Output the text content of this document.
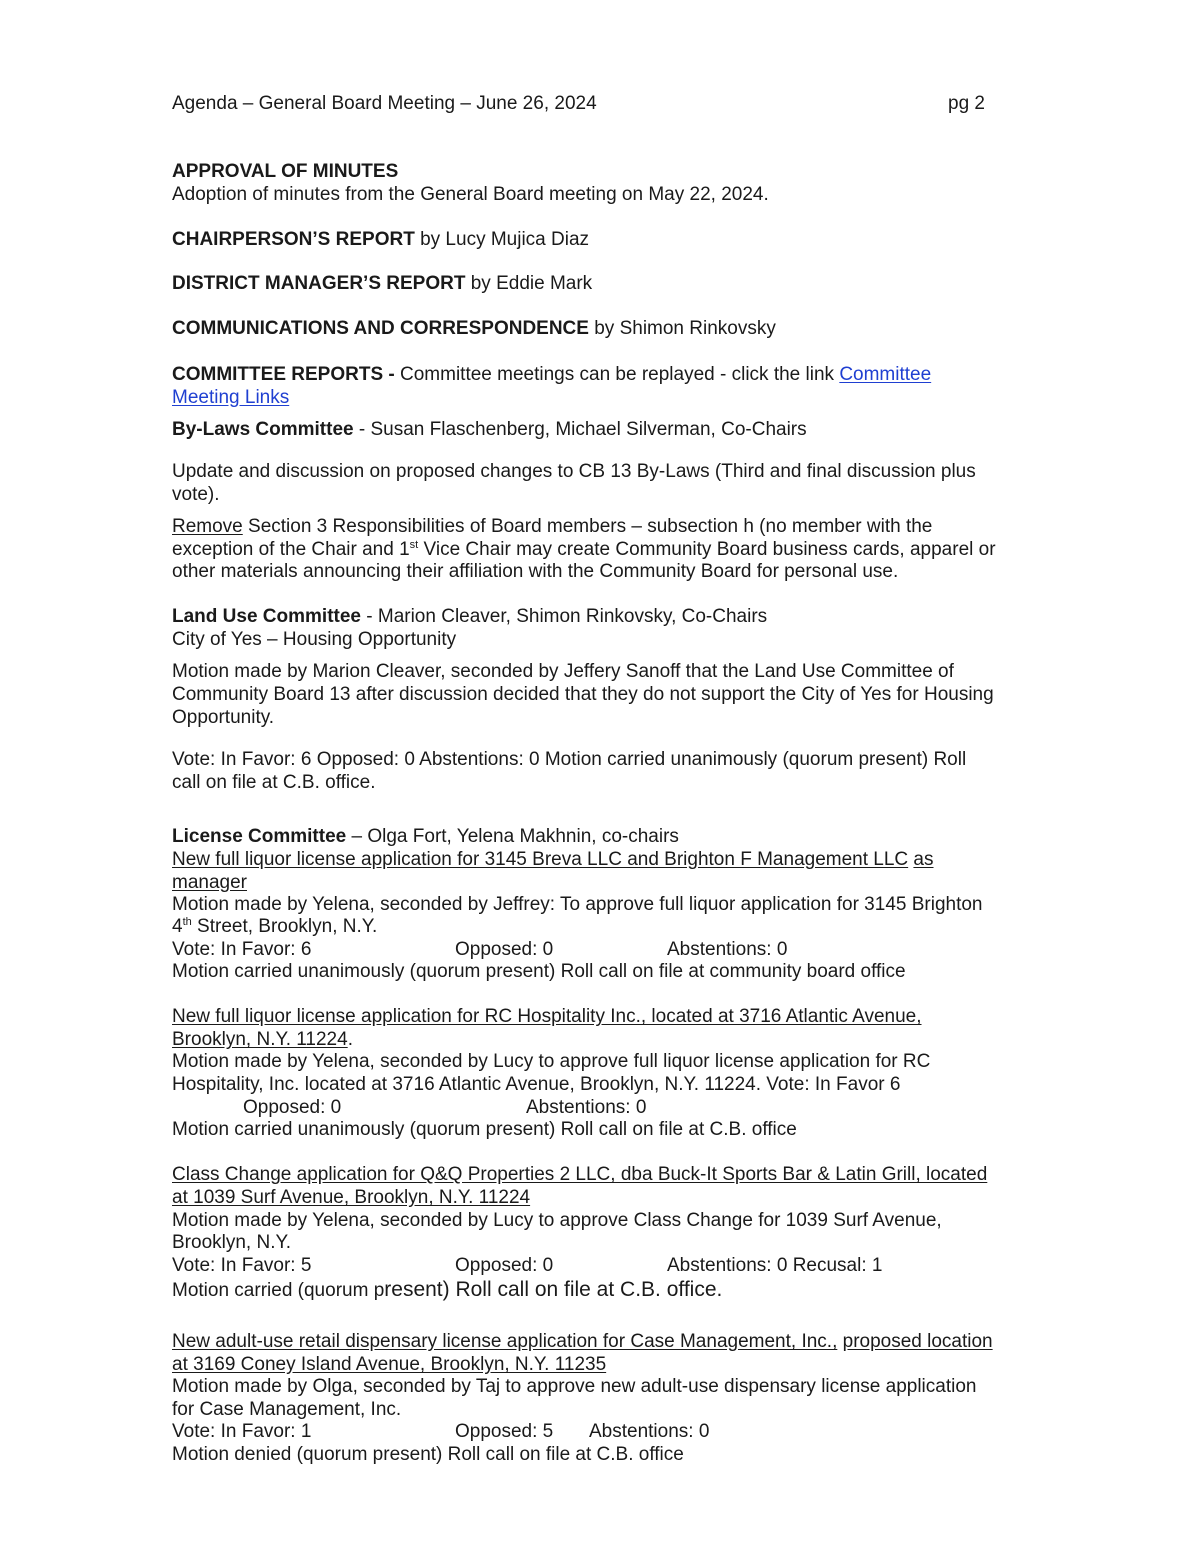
Agenda – General Board Meeting – June 26, 2024	pg 2
APPROVAL OF MINUTES
Adoption of minutes from the General Board meeting on May 22, 2024.
CHAIRPERSON’S REPORT by Lucy Mujica Diaz
DISTRICT MANAGER’S REPORT by Eddie Mark
COMMUNICATIONS AND CORRESPONDENCE by Shimon Rinkovsky
COMMITTEE REPORTS - Committee meetings can be replayed - click the link Committee
Meeting Links
By-Laws Committee - Susan Flaschenberg, Michael Silverman, Co-Chairs
Update and discussion on proposed changes to CB 13 By-Laws (Third and final discussion plus
vote).
Remove Section 3 Responsibilities of Board members – subsection h (no member with the
exception of the Chair and 1st Vice Chair may create Community Board business cards, apparel or
other materials announcing their affiliation with the Community Board for personal use.
Land Use Committee - Marion Cleaver, Shimon Rinkovsky, Co-Chairs
City of Yes – Housing Opportunity
Motion made by Marion Cleaver, seconded by Jeffery Sanoff that the Land Use Committee of
Community Board 13 after discussion decided that they do not support the City of Yes for Housing
Opportunity.
Vote: In Favor: 6 Opposed: 0 Abstentions: 0 Motion carried unanimously (quorum present) Roll
call on file at C.B. office.
License Committee – Olga Fort, Yelena Makhnin, co-chairs
New full liquor license application for 3145 Breva LLC and Brighton F Management LLC as
manager
Motion made by Yelena, seconded by Jeffrey: To approve full liquor application for 3145 Brighton
4th Street, Brooklyn, N.Y.
Vote: In Favor: 6	Opposed: 0	Abstentions: 0
Motion carried unanimously (quorum present) Roll call on file at community board office
New full liquor license application for RC Hospitality Inc., located at 3716 Atlantic Avenue,
Brooklyn, N.Y. 11224.
Motion made by Yelena, seconded by Lucy to approve full liquor license application for RC
Hospitality, Inc. located at 3716 Atlantic Avenue, Brooklyn, N.Y. 11224. Vote: In Favor 6
Opposed: 0	Abstentions: 0
Motion carried unanimously (quorum present) Roll call on file at C.B. office
Class Change application for Q&Q Properties 2 LLC, dba Buck-It Sports Bar & Latin Grill, located
at 1039 Surf Avenue, Brooklyn, N.Y. 11224
Motion made by Yelena, seconded by Lucy to approve Class Change for 1039 Surf Avenue,
Brooklyn, N.Y.
Vote: In Favor: 5	Opposed: 0	Abstentions: 0 Recusal: 1
Motion carried (quorum present) Roll call on file at C.B. office.
New adult-use retail dispensary license application for Case Management, Inc., proposed location
at 3169 Coney Island Avenue, Brooklyn, N.Y. 11235
Motion made by Olga, seconded by Taj to approve new adult-use dispensary license application
for Case Management, Inc.
Vote: In Favor: 1	Opposed: 5 Abstentions: 0
Motion denied (quorum present) Roll call on file at C.B. office
